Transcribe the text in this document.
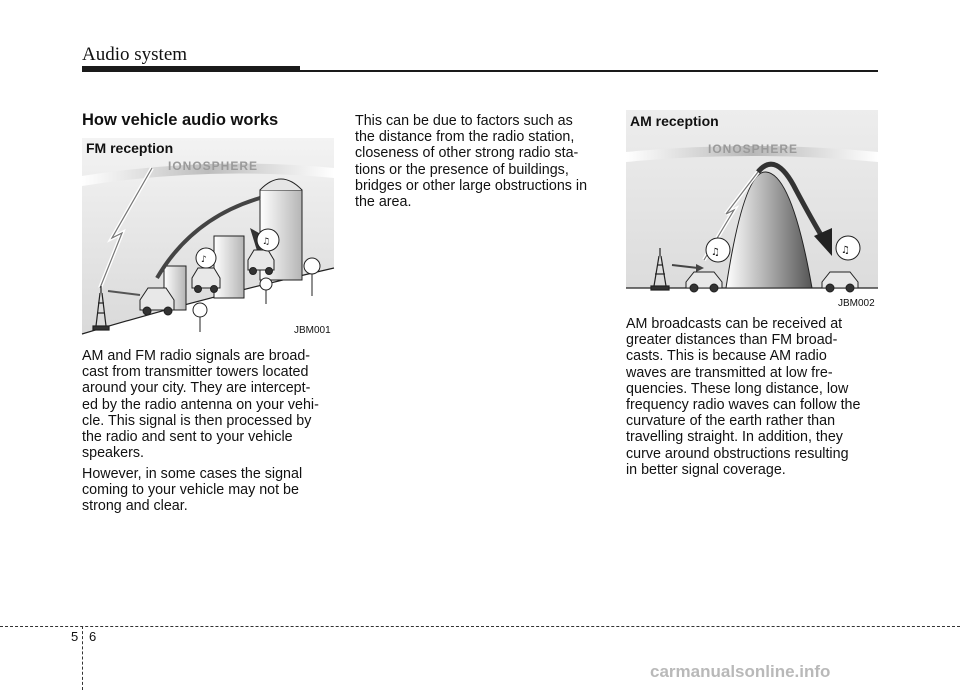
Audio system
How vehicle audio works
♪
♫
FM reception
IONOSPHERE
JBM001
AM and FM radio signals are broad-
cast from transmitter towers located
around your city. They are intercept-
ed by the radio antenna on your vehi-
cle. This signal is then processed by
the radio and sent to your vehicle
speakers.
However, in some cases the signal
coming to your vehicle may not be
strong and clear.
This can be due to factors such as
the distance from the radio station,
closeness of other strong radio sta-
tions or the presence of buildings,
bridges or other large obstructions in
the area.
♫	♫
AM reception
IONOSPHERE
JBM002
AM broadcasts can be received at
greater distances than FM broad-
casts. This is because AM radio
waves are transmitted at low fre-
quencies. These long distance, low
frequency radio waves can follow the
curvature of the earth rather than
travelling straight. In addition, they
curve around obstructions resulting
in better signal coverage.
5 6
carmanualsonline.info
